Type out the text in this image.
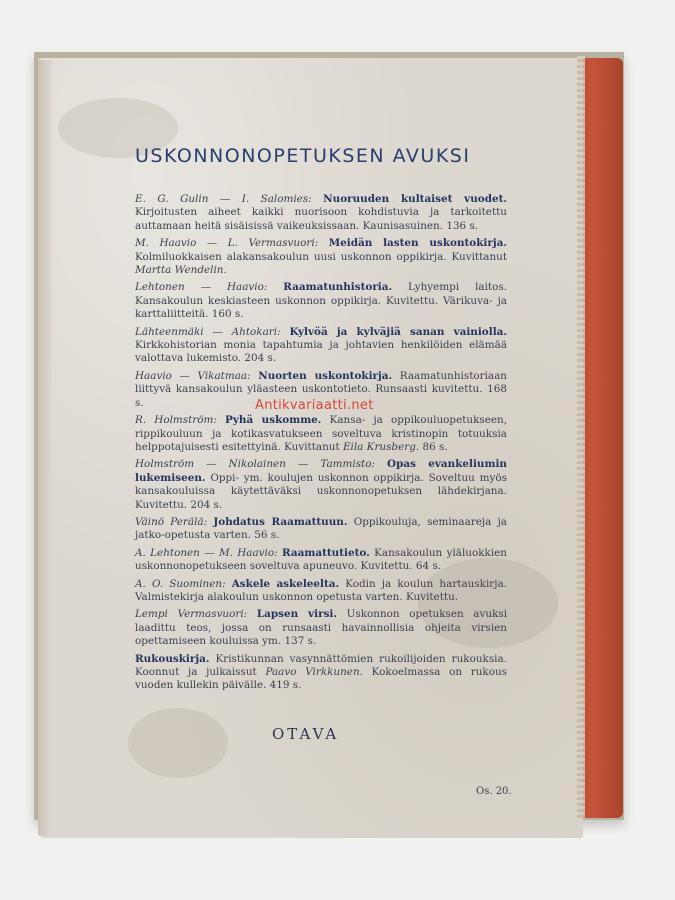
USKONNONOPETUKSEN AVUKSI
E. G. Gulin — I. Salomies: Nuoruuden kultaiset vuodet. Kirjoitusten aiheet kaikki nuorisoon kohdistuvia ja tarkoitettu auttamaan heitä sisäisissä vaikeuksissaan. Kaunisasuinen. 136 s.
M. Haavio — L. Vermasvuori: Meidän lasten uskontokirja. Kolmiluokkaisen alakansakoulun uusi uskonnon oppikirja. Kuvittanut Martta Wendelin.
Lehtonen — Haavio: Raamatunhistoria. Lyhyempi laitos. Kansakoulun keskiasteen uskonnon oppikirja. Kuvitettu. Värikuva- ja karttaliitteitä. 160 s.
Lähteenmäki — Ahtokari: Kylvöä ja kylväjiä sanan vainiolla. Kirkkohistorian monia tapahtumia ja johtavien henkilöiden elämää valottava lukemisto. 204 s.
Haavio — Vikatmaa: Nuorten uskontokirja. Raamatunhistoriaan liittyvä kansakoulun yläasteen uskontotieto. Runsaasti kuvitettu. 168 s.
R. Holmström: Pyhä uskomme. Kansa- ja oppikouluopetukseen, rippikouluun ja kotikasvatukseen soveltuva kristinopin totuuksia helppotajuisesti esitettyinä. Kuvittanut Eila Krusberg. 86 s.
Holmström — Nikolainen — Tammisto: Opas evankeliumin lukemiseen. Oppi- ym. koulujen uskonnon oppikirja. Soveltuu myös kansakouluissa käytettäväksi uskonnonopetuksen lähdekirjana. Kuvitettu. 204 s.
Väinö Perälä: Johdatus Raamattuun. Oppikouluja, seminaareja ja jatko-opetusta varten. 56 s.
A. Lehtonen — M. Haavio: Raamattutieto. Kansakoulun yläluokkien uskonnonopetukseen soveltuva apuneuvo. Kuvitettu. 64 s.
A. O. Suominen: Askele askeleelta. Kodin ja koulun hartauskirja. Valmistekirja alakoulun uskonnon opetusta varten. Kuvitettu.
Lempi Vermasvuori: Lapsen virsi. Uskonnon opetuksen avuksi laadittu teos, jossa on runsaasti havainnollisia ohjeita virsien opettamiseen kouluissa ym. 137 s.
Rukouskirja. Kristikunnan vasynnättömien rukoilijoiden rukouksia. Koonnut ja julkaissut Paavo Virkkunen. Kokoelmassa on rukous vuoden kullekin päivälle. 419 s.
OTAVA
Os. 20.
Antikvariaatti.net
